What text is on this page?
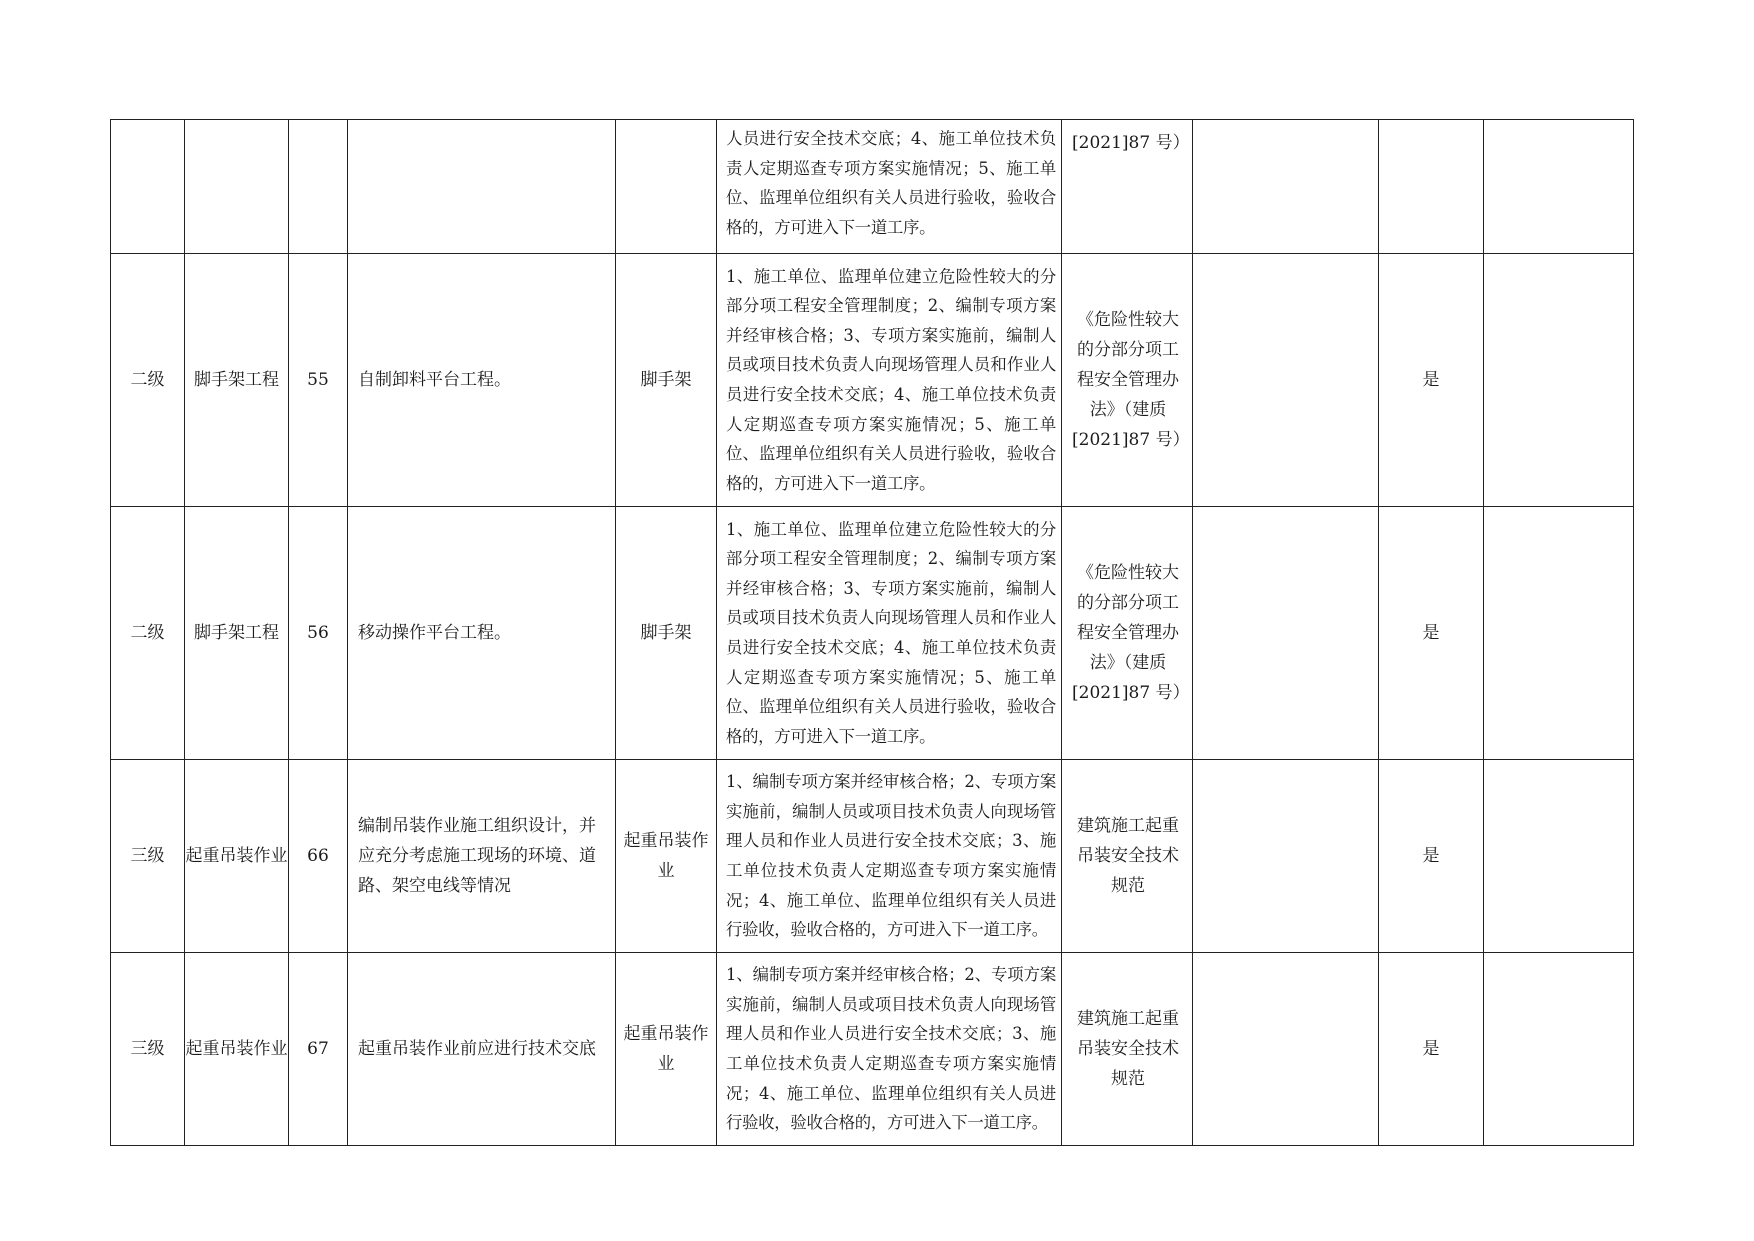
					人员进行安全技术交底；4、施工单位技术负责人定期巡查专项方案实施情况；5、施工单位、监理单位组织有关人员进行验收，验收合格的，方可进入下一道工序。	[2021]87 号）			
二级	脚手架工程	55	自制卸料平台工程。	脚手架	1、施工单位、监理单位建立危险性较大的分部分项工程安全管理制度；2、编制专项方案并经审核合格；3、专项方案实施前，编制人员或项目技术负责人向现场管理人员和作业人员进行安全技术交底；4、施工单位技术负责人定期巡查专项方案实施情况；5、施工单位、监理单位组织有关人员进行验收，验收合格的，方可进入下一道工序。	《危险性较大的分部分项工程安全管理办法》（建质[2021]87 号）		是	
二级	脚手架工程	56	移动操作平台工程。	脚手架	1、施工单位、监理单位建立危险性较大的分部分项工程安全管理制度；2、编制专项方案并经审核合格；3、专项方案实施前，编制人员或项目技术负责人向现场管理人员和作业人员进行安全技术交底；4、施工单位技术负责人定期巡查专项方案实施情况；5、施工单位、监理单位组织有关人员进行验收，验收合格的，方可进入下一道工序。	《危险性较大的分部分项工程安全管理办法》（建质[2021]87 号）		是	
三级	起重吊装作业	66	编制吊装作业施工组织设计，并应充分考虑施工现场的环境、道路、架空电线等情况	起重吊装作业	1、编制专项方案并经审核合格；2、专项方案实施前，编制人员或项目技术负责人向现场管理人员和作业人员进行安全技术交底；3、施工单位技术负责人定期巡查专项方案实施情况；4、施工单位、监理单位组织有关人员进行验收，验收合格的，方可进入下一道工序。	建筑施工起重吊装安全技术规范		是	
三级	起重吊装作业	67	起重吊装作业前应进行技术交底	起重吊装作业	1、编制专项方案并经审核合格；2、专项方案实施前，编制人员或项目技术负责人向现场管理人员和作业人员进行安全技术交底；3、施工单位技术负责人定期巡查专项方案实施情况；4、施工单位、监理单位组织有关人员进行验收，验收合格的，方可进入下一道工序。	建筑施工起重吊装安全技术规范		是	
